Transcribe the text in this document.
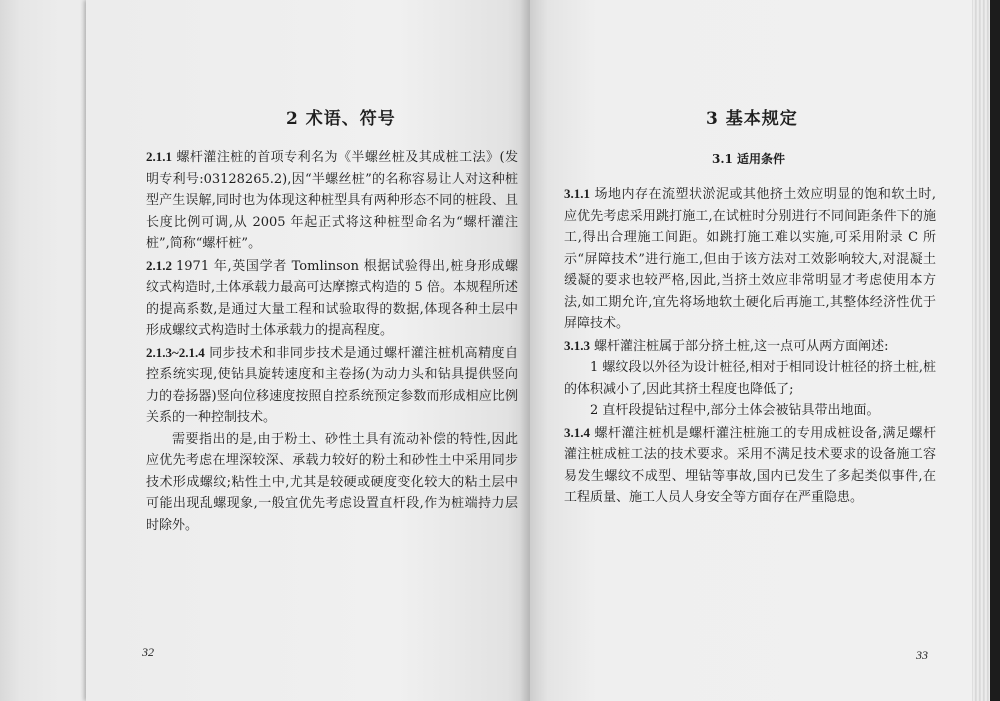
2 术语、符号

2.1.1 螺杆灌注桩的首项专利名为《半螺丝桩及其成桩工法》(发明专利号:03128265.2),因“半螺丝桩”的名称容易让人对这种桩型产生误解,同时也为体现这种桩型具有两种形态不同的桩段、且长度比例可调,从 2005 年起正式将这种桩型命名为“螺杆灌注桩”,简称“螺杆桩”。

2.1.2 1971 年,英国学者 Tomlinson 根据试验得出,桩身形成螺纹式构造时,土体承载力最高可达摩擦式构造的 5 倍。本规程所述的提高系数,是通过大量工程和试验取得的数据,体现各种土层中形成螺纹式构造时土体承载力的提高程度。

2.1.3~2.1.4 同步技术和非同步技术是通过螺杆灌注桩机高精度自控系统实现,使钻具旋转速度和主卷扬(为动力头和钻具提供竖向力的卷扬器)竖向位移速度按照自控系统预定参数而形成相应比例关系的一种控制技术。

需要指出的是,由于粉土、砂性土具有流动补偿的特性,因此应优先考虑在埋深较深、承载力较好的粉土和砂性土中采用同步技术形成螺纹;粘性土中,尤其是较硬或硬度变化较大的粘土层中可能出现乱螺现象,一般宜优先考虑设置直杆段,作为桩端持力层时除外。

32
3 基本规定
3.1 适用条件

3.1.1 场地内存在流塑状淤泥或其他挤土效应明显的饱和软土时,应优先考虑采用跳打施工,在试桩时分别进行不同间距条件下的施工,得出合理施工间距。如跳打施工难以实施,可采用附录 C 所示“屏障技术”进行施工,但由于该方法对工效影响较大,对混凝土缓凝的要求也较严格,因此,当挤土效应非常明显才考虑使用本方法,如工期允许,宜先将场地软土硬化后再施工,其整体经济性优于屏障技术。

3.1.3 螺杆灌注桩属于部分挤土桩,这一点可从两方面阐述:

1 螺纹段以外径为设计桩径,相对于相同设计桩径的挤土桩,桩的体积减小了,因此其挤土程度也降低了;

2 直杆段提钻过程中,部分土体会被钻具带出地面。

3.1.4 螺杆灌注桩机是螺杆灌注桩施工的专用成桩设备,满足螺杆灌注桩成桩工法的技术要求。采用不满足技术要求的设备施工容易发生螺纹不成型、埋钻等事故,国内已发生了多起类似事件,在工程质量、施工人员人身安全等方面存在严重隐患。

33
